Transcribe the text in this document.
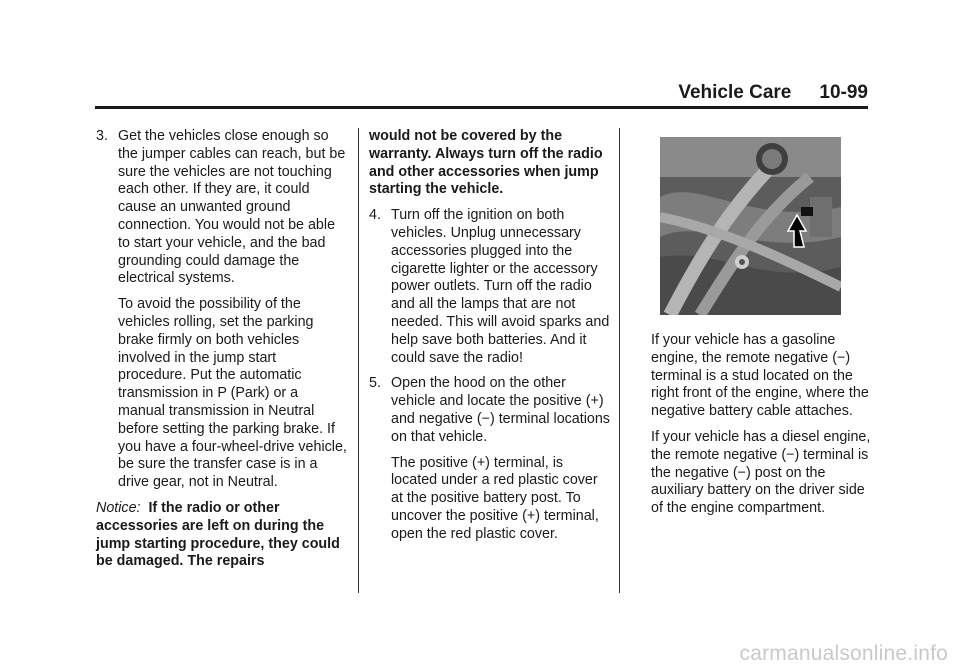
Vehicle Care 10-99
3. Get the vehicles close enough so the jumper cables can reach, but be sure the vehicles are not touching each other. If they are, it could cause an unwanted ground connection. You would not be able to start your vehicle, and the bad grounding could damage the electrical systems.

To avoid the possibility of the vehicles rolling, set the parking brake firmly on both vehicles involved in the jump start procedure. Put the automatic transmission in P (Park) or a manual transmission in Neutral before setting the parking brake. If you have a four-wheel-drive vehicle, be sure the transfer case is in a drive gear, not in Neutral.

Notice: If the radio or other accessories are left on during the jump starting procedure, they could be damaged. The repairs

would not be covered by the warranty. Always turn off the radio and other accessories when jump starting the vehicle.

4. Turn off the ignition on both vehicles. Unplug unnecessary accessories plugged into the cigarette lighter or the accessory power outlets. Turn off the radio and all the lamps that are not needed. This will avoid sparks and help save both batteries. And it could save the radio!
5. Open the hood on the other vehicle and locate the positive (+) and negative (−) terminal locations on that vehicle.

The positive (+) terminal, is located under a red plastic cover at the positive battery post. To uncover the positive (+) terminal, open the red plastic cover.

If your vehicle has a gasoline engine, the remote negative (−) terminal is a stud located on the right front of the engine, where the negative battery cable attaches.

If your vehicle has a diesel engine, the remote negative (−) terminal is the negative (−) post on the auxiliary battery on the driver side of the engine compartment.

carmanualsonline.info
